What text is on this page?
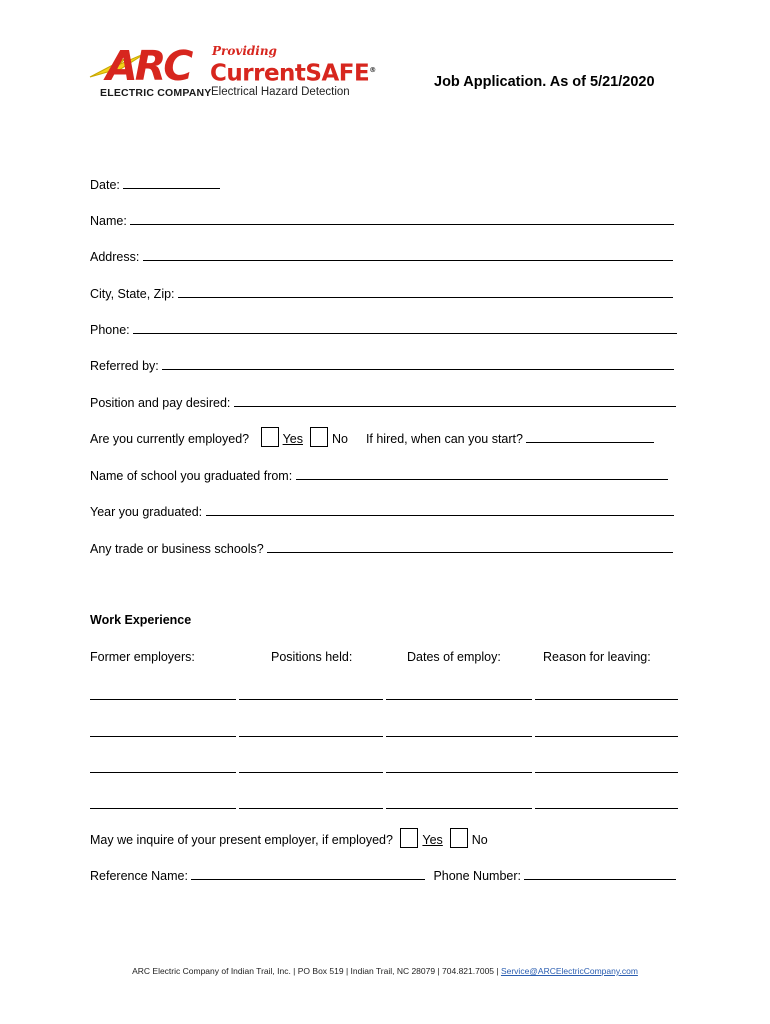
ARC
ELECTRIC COMPANY
Providing
CurrentSAFE®
Electrical Hazard Detection
Job Application. As of 5/21/2020
Date:
Name:
Address:
City, State, Zip:
Phone:
Referred by:
Position and pay desired:
Are you currently employed? Yes No If hired, when can you start?
Name of school you graduated from:
Year you graduated:
Any trade or business schools?
Work Experience
Former employers:	Positions held:	Dates of employ:	Reason for leaving:
May we inquire of your present employer, if employed? Yes No
Reference Name:	Phone Number:
ARC Electric Company of Indian Trail, Inc. | PO Box 519 | Indian Trail, NC 28079 | 704.821.7005 | Service@ARCElectricCompany.com
